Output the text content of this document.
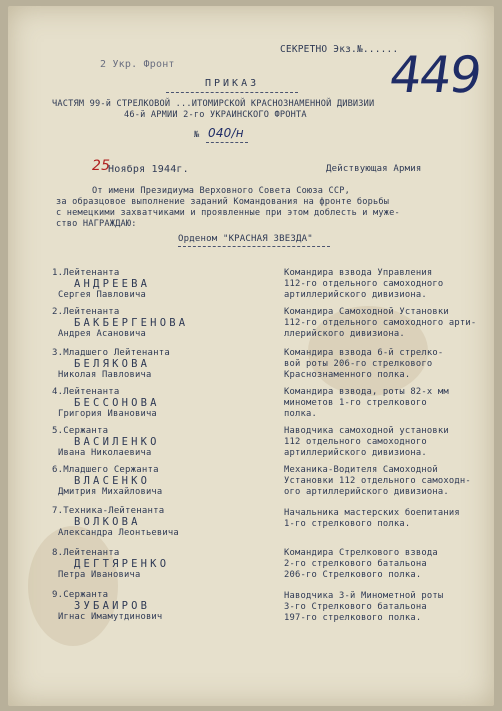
2 Укр. Фронт
СЕКРЕТНО Экз.№......
449
ПРИКАЗ
ЧАСТЯМ 99-й СТРЕЛКОВОЙ ...ИТОМИРСКОЙ КРАСНОЗНАМЕННОЙ ДИВИЗИИ
46-й АРМИИ 2-го УКРАИНСКОГО ФРОНТА
№ 040/н
25
Ноября 1944г.	Действующая Армия
От имени Президиума Верховного Совета Союза ССР,
за образцовое выполнение заданий Командования на фронте борьбы
с немецкими захватчиками и проявленные при этом доблесть и муже-
ство НАГРАЖДАЮ:
Орденом "КРАСНАЯ ЗВЕЗДА"
1.Лейтенанта
АНДРЕЕВА
Сергея Павловича
Командира взвода Управления
112-го отдельного самоходного
артиллерийского дивизиона.
2.Лейтенанта
БАКБЕРГЕНОВА
Андрея Асановича
Командира Самоходной Установки
112-го отдельного самоходного арти-
ллерийского дивизиона.
3.Младшего Лейтенанта
БЕЛЯКОВА
Николая Павловича
Командира взвода 6-й стрелко-
вой роты 206-го стрелкового
Краснознаменного полка.
4.Лейтенанта
БЕССОНОВА
Григория Ивановича
Командира взвода, роты 82-х мм
минометов 1-го стрелкового
полка.
5.Сержанта
ВАСИЛЕНКО
Ивана Николаевича
Наводчика самоходной установки
112 отдельного самоходного
артиллерийского дивизиона.
6.Младшего Сержанта
ВЛАСЕНКО
Дмитрия Михайловича
Механика-Водителя Самоходной
Установки 112 отдельного самоходн-
ого артиллерийского дивизиона.
7.Техника-Лейтенанта
ВОЛКОВА
Александра Леонтьевича
Начальника мастерских боепитания
1-го стрелкового полка.
8.Лейтенанта
ДЕГТЯРЕНКО
Петра Ивановича
Командира Стрелкового взвода
2-го стрелкового батальона
206-го Стрелкового полка.
9.Сержанта
ЗУБАИРОВ
Игнас Имамутдинович
Наводчика 3-й Минометной роты
3-го Стрелкового батальона
197-го стрелкового полка.
